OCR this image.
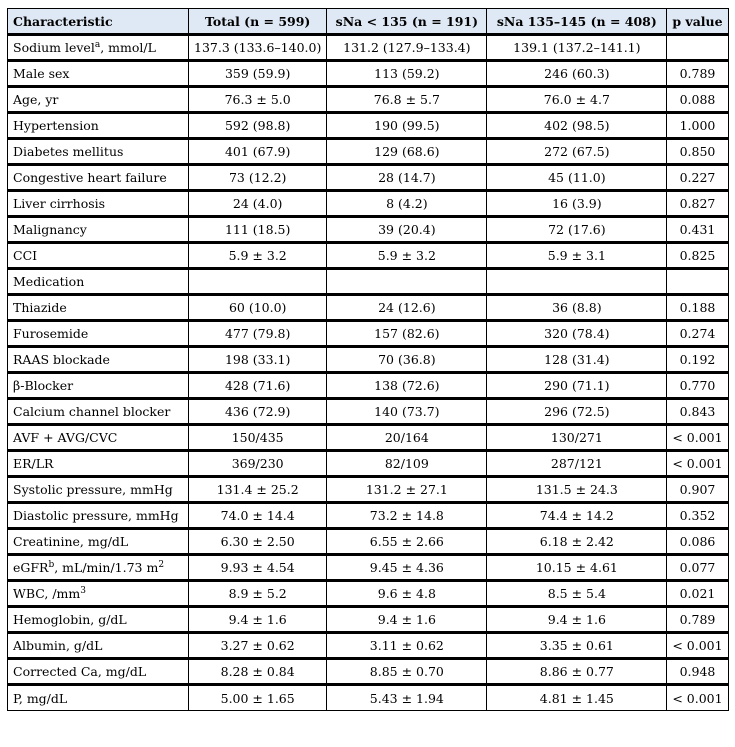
Characteristic	Total (n = 599)	sNa < 135 (n = 191)	sNa 135–145 (n = 408)	p value
Sodium level$^a$, mmol/L	137.3 (133.6–140.0)	131.2 (127.9–133.4)	139.1 (137.2–141.1)	
Male sex	359 (59.9)	113 (59.2)	246 (60.3)	0.789
Age, yr	76.3 ± 5.0	76.8 ± 5.7	76.0 ± 4.7	0.088
Hypertension	592 (98.8)	190 (99.5)	402 (98.5)	1.000
Diabetes mellitus	401 (67.9)	129 (68.6)	272 (67.5)	0.850
Congestive heart failure	73 (12.2)	28 (14.7)	45 (11.0)	0.227
Liver cirrhosis	24 (4.0)	8 (4.2)	16 (3.9)	0.827
Malignancy	111 (18.5)	39 (20.4)	72 (17.6)	0.431
CCI	5.9 ± 3.2	5.9 ± 3.2	5.9 ± 3.1	0.825
Medication				
Thiazide	60 (10.0)	24 (12.6)	36 (8.8)	0.188
Furosemide	477 (79.8)	157 (82.6)	320 (78.4)	0.274
RAAS blockade	198 (33.1)	70 (36.8)	128 (31.4)	0.192
β-Blocker	428 (71.6)	138 (72.6)	290 (71.1)	0.770
Calcium channel blocker	436 (72.9)	140 (73.7)	296 (72.5)	0.843
AVF + AVG/CVC	150/435	20/164	130/271	< 0.001
ER/LR	369/230	82/109	287/121	< 0.001
Systolic pressure, mmHg	131.4 ± 25.2	131.2 ± 27.1	131.5 ± 24.3	0.907
Diastolic pressure, mmHg	74.0 ± 14.4	73.2 ± 14.8	74.4 ± 14.2	0.352
Creatinine, mg/dL	6.30 ± 2.50	6.55 ± 2.66	6.18 ± 2.42	0.086
eGFR$^b$, mL/min/1.73 $m^2$	9.93 ± 4.54	9.45 ± 4.36	10.15 ± 4.61	0.077
WBC, $/mm^3$	8.9 ± 5.2	9.6 ± 4.8	8.5 ± 5.4	0.021
Hemoglobin, g/dL	9.4 ± 1.6	9.4 ± 1.6	9.4 ± 1.6	0.789
Albumin, g/dL	3.27 ± 0.62	3.11 ± 0.62	3.35 ± 0.61	< 0.001
Corrected Ca, mg/dL	8.28 ± 0.84	8.85 ± 0.70	8.86 ± 0.77	0.948
P, mg/dL	5.00 ± 1.65	5.43 ± 1.94	4.81 ± 1.45	< 0.001
